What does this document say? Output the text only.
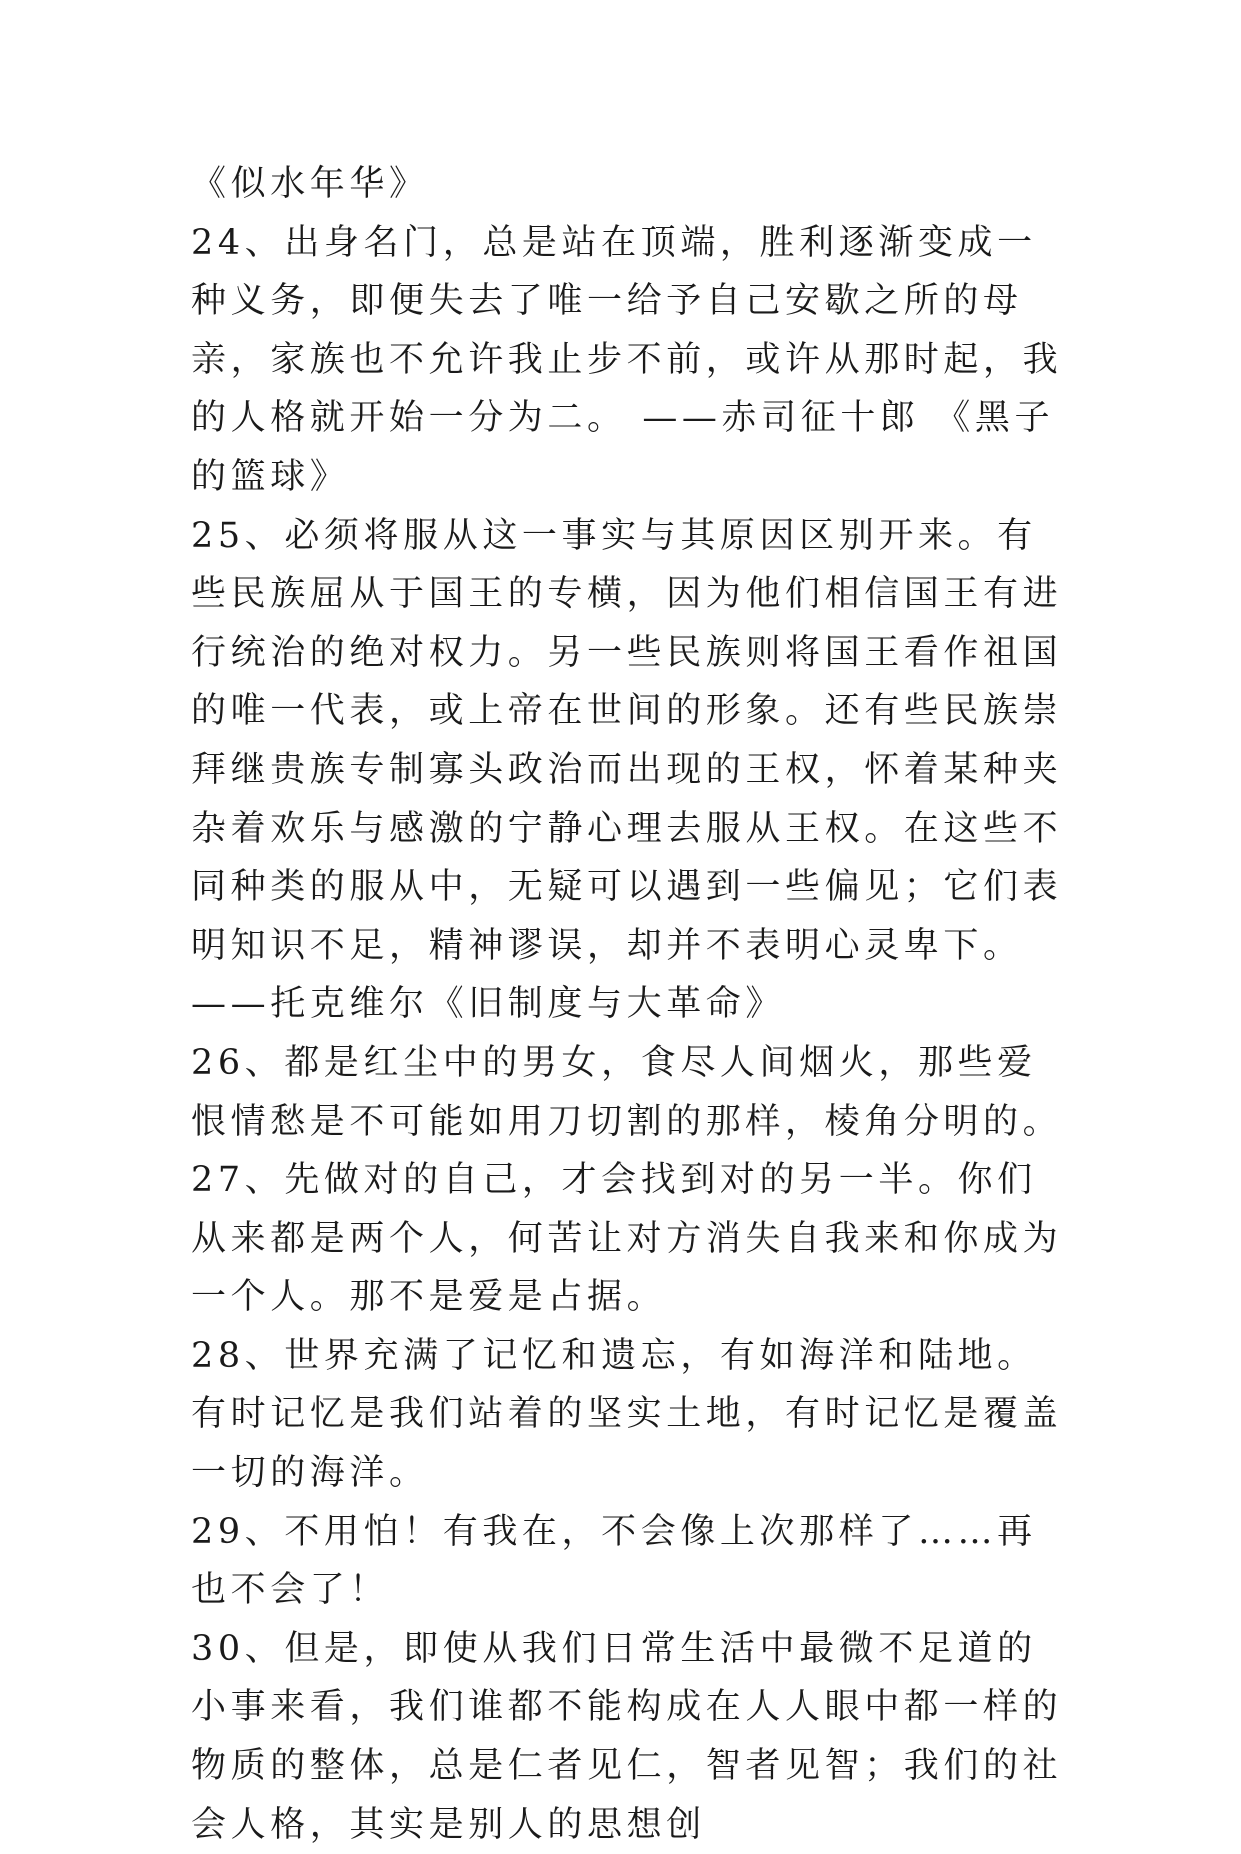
《似水年华》

24、出身名门，总是站在顶端，胜利逐渐变成一种义务，即便失去了唯一给予自己安歇之所的母亲，家族也不允许我止步不前，或许从那时起，我的人格就开始一分为二。 ——赤司征十郎 《黑子的篮球》

25、必须将服从这一事实与其原因区别开来。有些民族屈从于国王的专横，因为他们相信国王有进行统治的绝对权力。另一些民族则将国王看作祖国的唯一代表，或上帝在世间的形象。还有些民族崇拜继贵族专制寡头政治而出现的王权，怀着某种夹杂着欢乐与感激的宁静心理去服从王权。在这些不同种类的服从中，无疑可以遇到一些偏见；它们表明知识不足，精神谬误，却并不表明心灵卑下。——托克维尔《旧制度与大革命》

26、都是红尘中的男女，食尽人间烟火，那些爱恨情愁是不可能如用刀切割的那样，棱角分明的。

27、先做对的自己，才会找到对的另一半。你们从来都是两个人，何苦让对方消失自我来和你成为一个人。那不是爱是占据。

28、世界充满了记忆和遗忘，有如海洋和陆地。有时记忆是我们站着的坚实土地，有时记忆是覆盖一切的海洋。

29、不用怕！有我在，不会像上次那样了……再也不会了！

30、但是，即使从我们日常生活中最微不足道的小事来看，我们谁都不能构成在人人眼中都一样的物质的整体，总是仁者见仁，智者见智；我们的社会人格，其实是别人的思想创
